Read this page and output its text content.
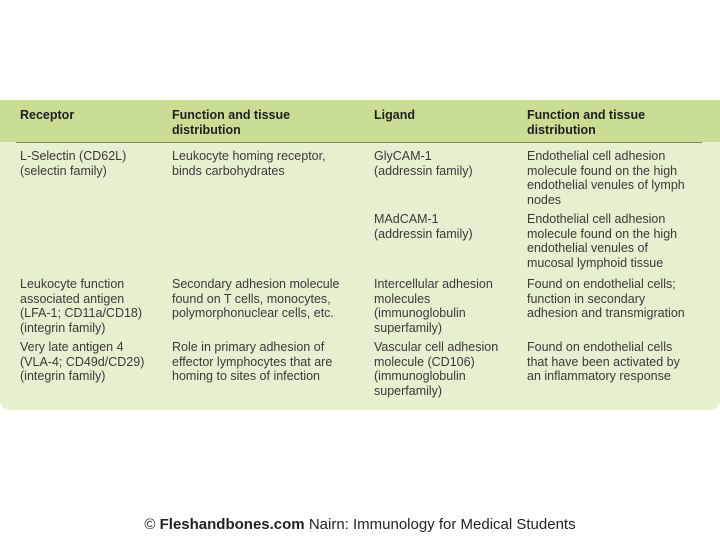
Receptor	Function and tissue
distribution
Ligand	Function and tissue
distribution
L-Selectin (CD62L)
(selectin family)
Leukocyte homing receptor,
binds carbohydrates
GlyCAM-1
(addressin family)
Endothelial cell adhesion
molecule found on the high
endothelial venules of lymph
nodes
MAdCAM-1
(addressin family)
Endothelial cell adhesion
molecule found on the high
endothelial venules of
mucosal lymphoid tissue
Leukocyte function
associated antigen
(LFA-1; CD11a/CD18)
(integrin family)
Secondary adhesion molecule
found on T cells, monocytes,
polymorphonuclear cells, etc.
Intercellular adhesion
molecules
(immunoglobulin
superfamily)
Found on endothelial cells;
function in secondary
adhesion and transmigration
Very late antigen 4
(VLA-4; CD49d/CD29)
(integrin family)
Role in primary adhesion of
effector lymphocytes that are
homing to sites of infection
Vascular cell adhesion
molecule (CD106)
(immunoglobulin
superfamily)
Found on endothelial cells
that have been activated by
an inflammatory response
© Fleshandbones.com Nairn: Immunology for Medical Students
